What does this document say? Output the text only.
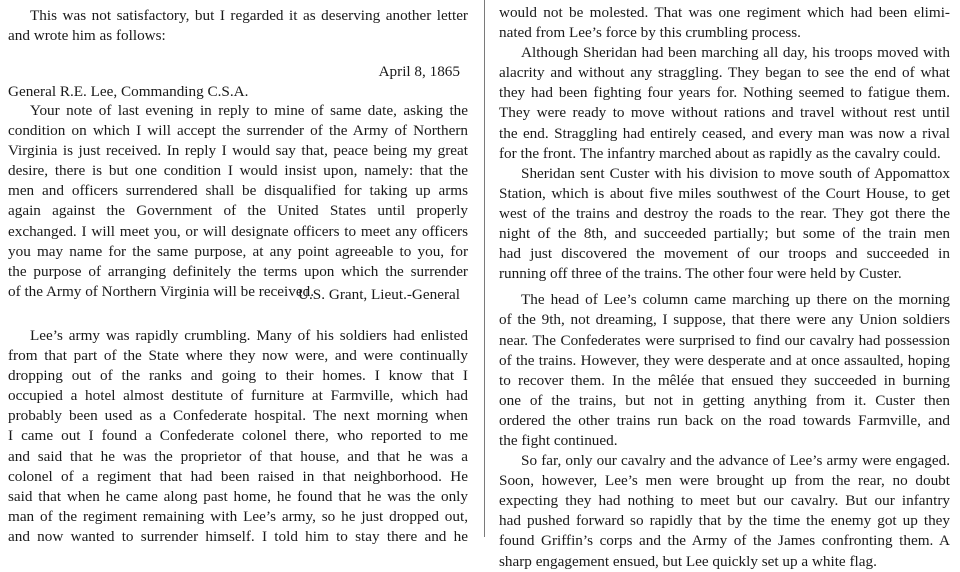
This was not satisfactory, but I regarded it as deserving another letter
and wrote him as follows:
April 8, 1865
General R.E. Lee, Commanding C.S.A.
Your note of last evening in reply to mine of same date, asking the
condition on which I will accept the surrender of the Army of Northern
Virginia is just received. In reply I would say that, peace being my great
desire, there is but one condition I would insist upon, namely: that the
men and officers surrendered shall be disqualified for taking up arms
again against the Government of the United States until properly
exchanged. I will meet you, or will designate officers to meet any officers
you may name for the same purpose, at any point agreeable to you, for
the purpose of arranging definitely the terms upon which the surrender
of the Army of Northern Virginia will be received.
U.S. Grant, Lieut.-General
Lee’s army was rapidly crumbling. Many of his soldiers had enlisted
from that part of the State where they now were, and were continually
dropping out of the ranks and going to their homes. I know that I
occupied a hotel almost destitute of furniture at Farmville, which had
probably been used as a Confederate hospital. The next morning when
I came out I found a Confederate colonel there, who reported to me
and said that he was the proprietor of that house, and that he was a
colonel of a regiment that had been raised in that neighborhood. He
said that when he came along past home, he found that he was the only
man of the regiment remaining with Lee’s army, so he just dropped out,
and now wanted to surrender himself. I told him to stay there and he
would not be molested. That was one regiment which had been elimi-
nated from Lee’s force by this crumbling process.
Although Sheridan had been marching all day, his troops moved with
alacrity and without any straggling. They began to see the end of what
they had been fighting four years for. Nothing seemed to fatigue them.
They were ready to move without rations and travel without rest until
the end. Straggling had entirely ceased, and every man was now a rival
for the front. The infantry marched about as rapidly as the cavalry could.
Sheridan sent Custer with his division to move south of Appomattox
Station, which is about five miles southwest of the Court House, to get
west of the trains and destroy the roads to the rear. They got there the
night of the 8th, and succeeded partially; but some of the train men
had just discovered the movement of our troops and succeeded in
running off three of the trains. The other four were held by Custer.
The head of Lee’s column came marching up there on the morning
of the 9th, not dreaming, I suppose, that there were any Union soldiers
near. The Confederates were surprised to find our cavalry had possession
of the trains. However, they were desperate and at once assaulted, hoping
to recover them. In the mêlée that ensued they succeeded in burning
one of the trains, but not in getting anything from it. Custer then
ordered the other trains run back on the road towards Farmville, and
the fight continued.
So far, only our cavalry and the advance of Lee’s army were engaged.
Soon, however, Lee’s men were brought up from the rear, no doubt
expecting they had nothing to meet but our cavalry. But our infantry
had pushed forward so rapidly that by the time the enemy got up they
found Griffin’s corps and the Army of the James confronting them. A
sharp engagement ensued, but Lee quickly set up a white flag.
